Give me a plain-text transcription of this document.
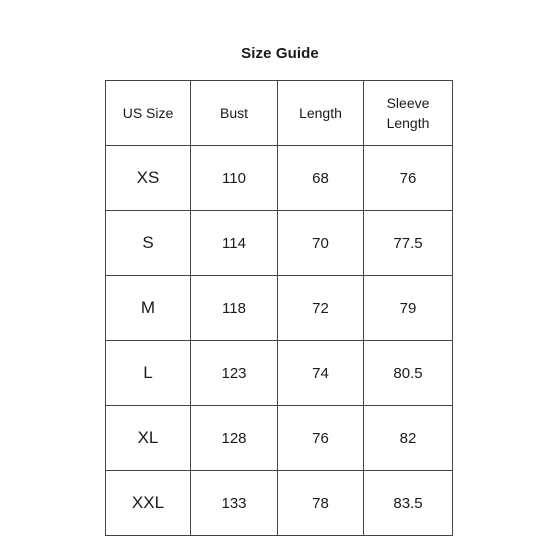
Size Guide
US Size	Bust	Length	Sleeve
Length

XS	110	68	76
S	114	70	77.5
M	118	72	79
L	123	74	80.5
XL	128	76	82
XXL	133	78	83.5
